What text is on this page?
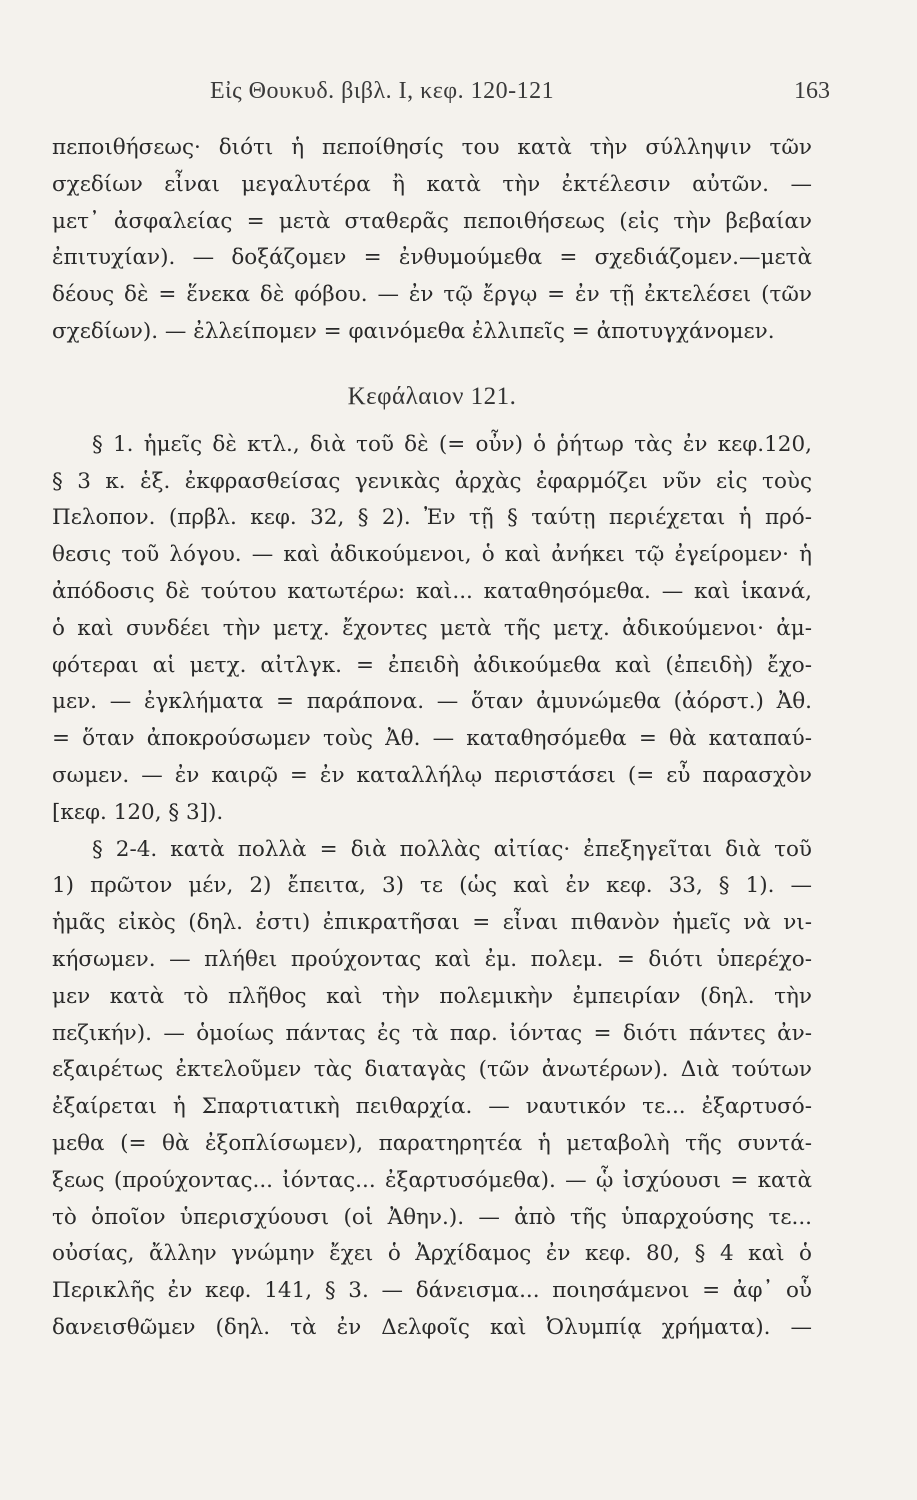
Εἰς Θουκυδ. βιβλ. Ι, κεφ. 120-121	163
πεποιθήσεως· διότι ἡ πεποίθησίς του κατὰ τὴν σύλληψιν τῶν
σχεδίων εἶναι μεγαλυτέρα ἢ κατὰ τὴν ἐκτέλεσιν αὐτῶν. —
μετ᾽ ἀσφαλείας = μετὰ σταθερᾶς πεποιθήσεως (εἰς τὴν βεβαίαν
ἐπιτυχίαν). — δοξάζομεν = ἐνθυμούμεθα = σχεδιάζομεν.—μετὰ
δέους δὲ = ἕνεκα δὲ φόβου. — ἐν τῷ ἔργῳ = ἐν τῇ ἐκτελέσει (τῶν
σχεδίων). — ἐλλείπομεν = φαινόμεθα ἐλλιπεῖς = ἀποτυγχάνομεν.
Κεφάλαιον 121.
§ 1. ἡμεῖς δὲ κτλ., διὰ τοῦ δὲ (= οὖν) ὁ ῥήτωρ τὰς ἐν κεφ.120,
§ 3 κ. ἑξ. ἐκφρασθείσας γενικὰς ἀρχὰς ἐφαρμόζει νῦν εἰς τοὺς
Πελοπον. (πρβλ. κεφ. 32, § 2). Ἐν τῇ § ταύτῃ περιέχεται ἡ πρό-
θεσις τοῦ λόγου. — καὶ ἀδικούμενοι, ὁ καὶ ἀνήκει τῷ ἐγείρομεν· ἡ
ἀπόδοσις δὲ τούτου κατωτέρω: καὶ... καταθησόμεθα. — καὶ ἱκανά,
ὁ καὶ συνδέει τὴν μετχ. ἔχοντες μετὰ τῆς μετχ. ἀδικούμενοι· ἀμ-
φότεραι αἱ μετχ. αἰτλγκ. = ἐπειδὴ ἀδικούμεθα καὶ (ἐπειδὴ) ἔχο-
μεν. — ἐγκλήματα = παράπονα. — ὅταν ἀμυνώμεθα (ἀόρστ.) Ἀθ.
= ὅταν ἀποκρούσωμεν τοὺς Ἀθ. — καταθησόμεθα = θὰ καταπαύ-
σωμεν. — ἐν καιρῷ = ἐν καταλλήλῳ περιστάσει (= εὖ παρασχὸν
[κεφ. 120, § 3]).
§ 2-4. κατὰ πολλὰ = διὰ πολλὰς αἰτίας· ἐπεξηγεῖται διὰ τοῦ
1) πρῶτον μέν, 2) ἔπειτα, 3) τε (ὡς καὶ ἐν κεφ. 33, § 1). —
ἡμᾶς εἰκὸς (δηλ. ἐστι) ἐπικρατῆσαι = εἶναι πιθανὸν ἡμεῖς νὰ νι-
κήσωμεν. — πλήθει προύχοντας καὶ ἐμ. πολεμ. = διότι ὑπερέχο-
μεν κατὰ τὸ πλῆθος καὶ τὴν πολεμικὴν ἐμπειρίαν (δηλ. τὴν
πεζικήν). — ὁμοίως πάντας ἐς τὰ παρ. ἰόντας = διότι πάντες ἀν-
εξαιρέτως ἐκτελοῦμεν τὰς διαταγὰς (τῶν ἀνωτέρων). Διὰ τούτων
ἐξαίρεται ἡ Σπαρτιατικὴ πειθαρχία. — ναυτικόν τε... ἐξαρτυσό-
μεθα (= θὰ ἐξοπλίσωμεν), παρατηρητέα ἡ μεταβολὴ τῆς συντά-
ξεως (προύχοντας... ἰόντας... ἐξαρτυσόμεθα). — ᾧ ἰσχύουσι = κατὰ
τὸ ὁποῖον ὑπερισχύουσι (οἱ Ἀθην.). — ἀπὸ τῆς ὑπαρχούσης τε...
οὐσίας, ἄλλην γνώμην ἔχει ὁ Ἀρχίδαμος ἐν κεφ. 80, § 4 καὶ ὁ
Περικλῆς ἐν κεφ. 141, § 3. — δάνεισμα... ποιησάμενοι = ἀφ᾽ οὗ
δανεισθῶμεν (δηλ. τὰ ἐν Δελφοῖς καὶ Ὀλυμπίᾳ χρήματα). —
